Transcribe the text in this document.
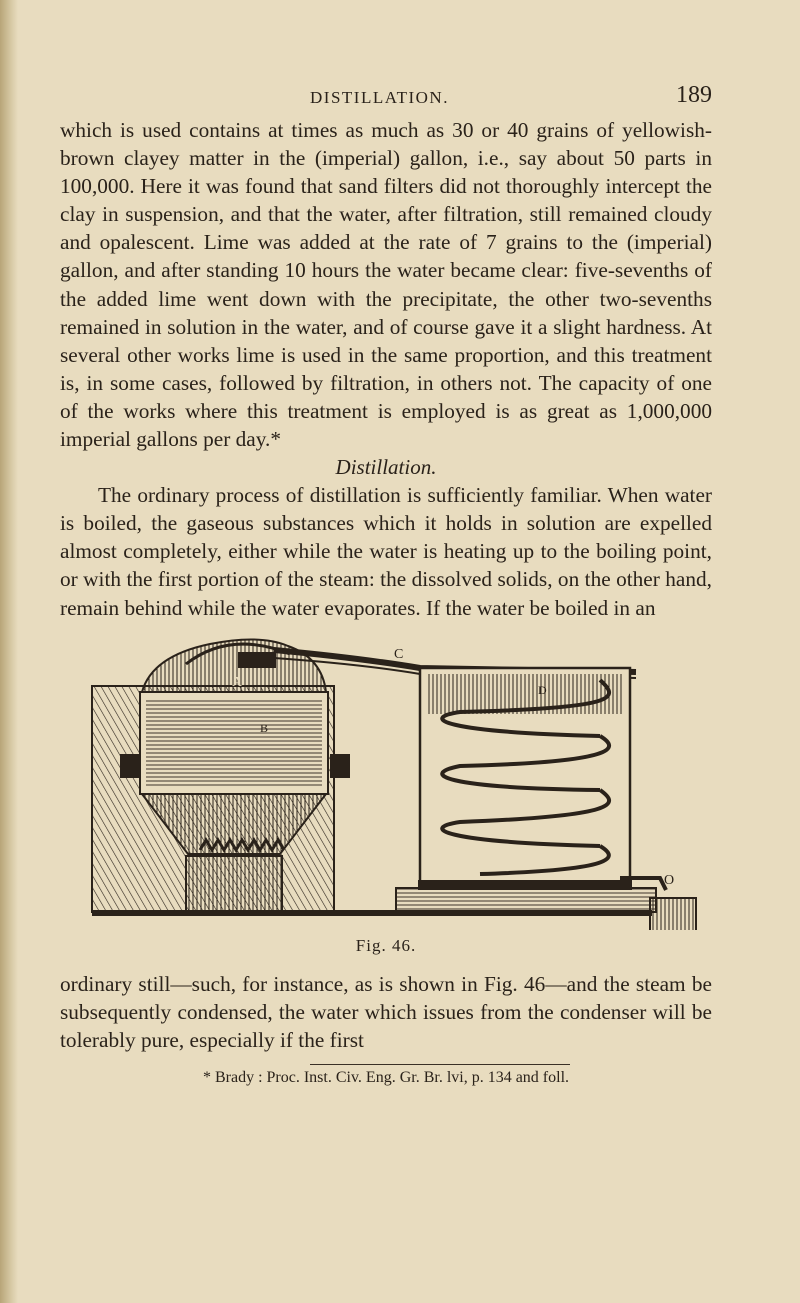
DISTILLATION.	189

which is used contains at times as much as 30 or 40 grains of yellowish-brown clayey matter in the (imperial) gallon, i.e., say about 50 parts in 100,000. Here it was found that sand filters did not thoroughly intercept the clay in suspension, and that the water, after filtration, still remained cloudy and opalescent. Lime was added at the rate of 7 grains to the (imperial) gallon, and after standing 10 hours the water became clear: five-sevenths of the added lime went down with the precipitate, the other two-sevenths remained in solution in the water, and of course gave it a slight hardness. At several other works lime is used in the same proportion, and this treatment is, in some cases, followed by filtration, in others not. The capacity of one of the works where this treatment is employed is as great as 1,000,000 imperial gallons per day.*

Distillation.

The ordinary process of distillation is sufficiently familiar. When water is boiled, the gaseous substances which it holds in solution are expelled almost completely, either while the water is heating up to the boiling point, or with the first portion of the steam: the dissolved solids, on the other hand, remain behind while the water evaporates. If the water be boiled in an

A
B
C
D
O
Fig. 46.

ordinary still—such, for instance, as is shown in Fig. 46—and the steam be subsequently condensed, the water which issues from the condenser will be tolerably pure, especially if the first

* Brady : Proc. Inst. Civ. Eng. Gr. Br. lvi, p. 134 and foll.
